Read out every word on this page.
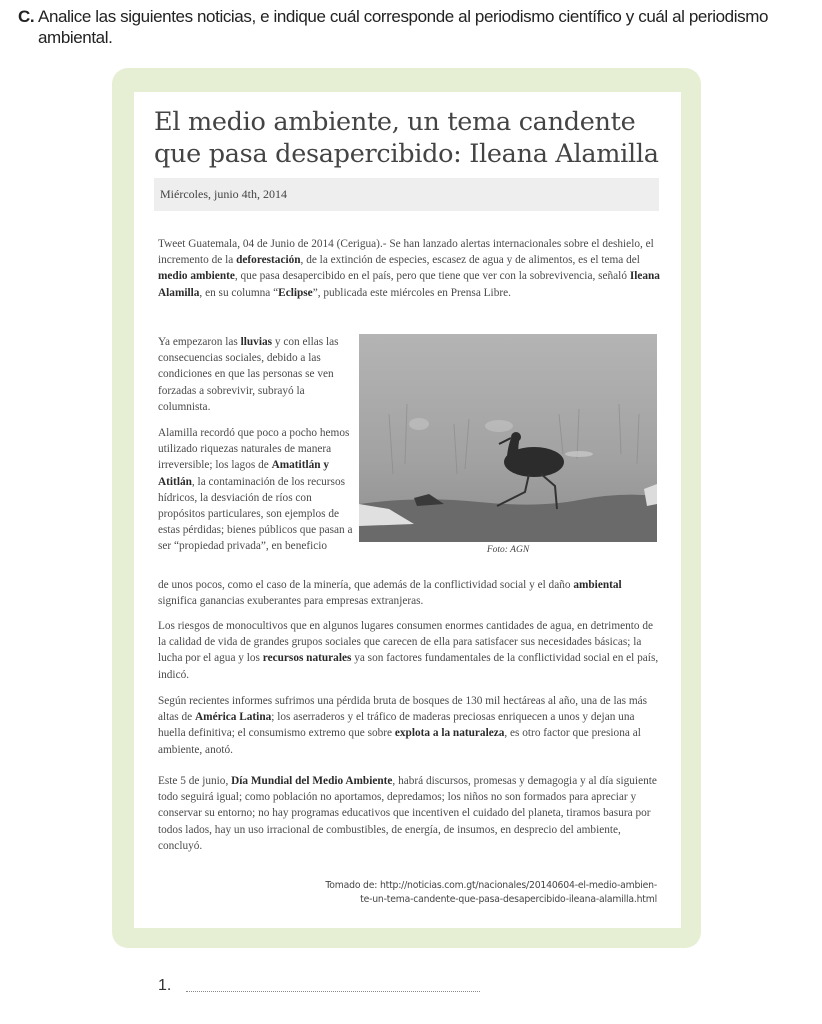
C. Analice las siguientes noticias, e indique cuál corresponde al periodismo científico y cuál al periodismo
ambiental.
El medio ambiente, un tema candente que pasa desapercibido: Ileana Alamilla
Miércoles, junio 4th, 2014
Tweet Guatemala, 04 de Junio de 2014 (Cerigua).- Se han lanzado alertas internacionales sobre el deshielo, el incremento de la deforestación, de la extinción de especies, escasez de agua y de alimentos, es el tema del medio ambiente, que pasa desapercibido en el país, pero que tiene que ver con la sobrevivencia, señaló Ileana Alamilla, en su columna “Eclipse”, publicada este miércoles en Prensa Libre.
Ya empezaron las lluvias y con ellas las consecuencias sociales, debido a las condiciones en que las personas se ven forzadas a sobrevivir, subrayó la columnista.
Alamilla recordó que poco a pocho hemos utilizado riquezas naturales de manera irreversible; los lagos de Amatitlán y Atitlán, la contaminación de los recursos hídricos, la desviación de ríos con propósitos particulares, son ejemplos de estas pérdidas; bienes públicos que pasan a ser “propiedad privada”, en beneficio	Foto: AGN
de unos pocos, como el caso de la minería, que además de la conflictividad social y el daño ambiental significa ganancias exuberantes para empresas extranjeras.
Los riesgos de monocultivos que en algunos lugares consumen enormes cantidades de agua, en detrimento de la calidad de vida de grandes grupos sociales que carecen de ella para satisfacer sus necesidades básicas; la lucha por el agua y los recursos naturales ya son factores fundamentales de la conflictividad social en el país, indicó.
Según recientes informes sufrimos una pérdida bruta de bosques de 130 mil hectáreas al año, una de las más altas de América Latina; los aserraderos y el tráfico de maderas preciosas enriquecen a unos y dejan una huella definitiva; el consumismo extremo que sobre explota a la naturaleza, es otro factor que presiona al ambiente, anotó.
Este 5 de junio, Día Mundial del Medio Ambiente, habrá discursos, promesas y demagogia y al día siguiente todo seguirá igual; como población no aportamos, depredamos; los niños no son formados para apreciar y conservar su entorno; no hay programas educativos que incentiven el cuidado del planeta, tiramos basura por todos lados, hay un uso irracional de combustibles, de energía, de insumos, en desprecio del ambiente, concluyó.
Tomado de: http://noticias.com.gt/nacionales/20140604-el-medio-ambien-
te-un-tema-candente-que-pasa-desapercibido-ileana-alamilla.html
1.
